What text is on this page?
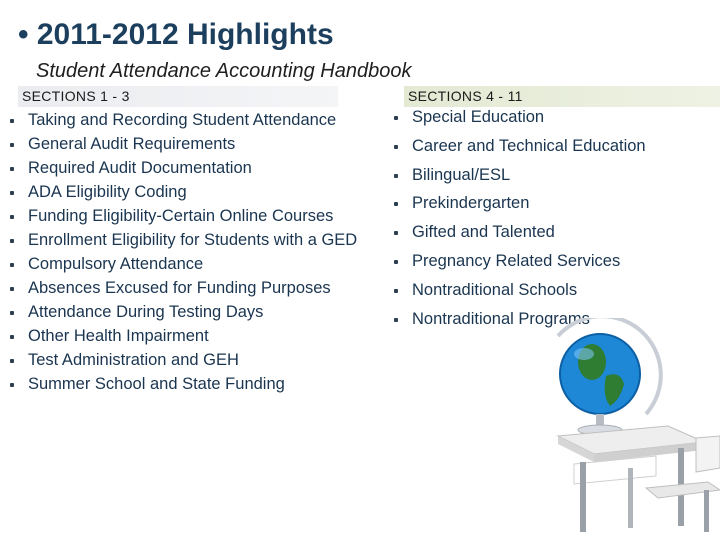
• 2011-2012 Highlights
Student Attendance Accounting Handbook
SECTIONS 1 - 3	SECTIONS 4 - 11
Taking and Recording Student Attendance
General Audit Requirements
Required Audit Documentation
ADA Eligibility Coding
Funding Eligibility-Certain Online Courses
Enrollment Eligibility for Students with a GED
Compulsory Attendance
Absences Excused for Funding Purposes
Attendance During Testing Days
Other Health Impairment
Test Administration and GEH
Summer School and State Funding
Special Education
Career and Technical Education
Bilingual/ESL
Prekindergarten
Gifted and Talented
Pregnancy Related Services
Nontraditional Schools
Nontraditional Programs
